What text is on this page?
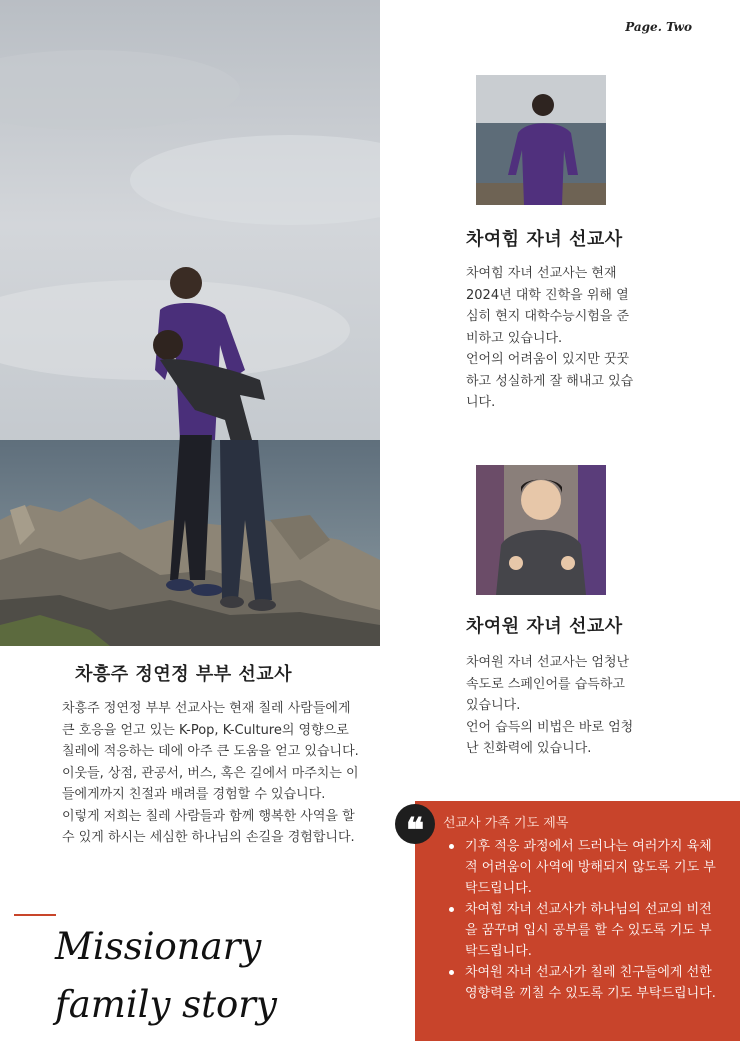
Page. Two
차여힘 자녀 선교사

차여힘 자녀 선교사는 현재 2024년 대학 진학을 위해 열심히 현지 대학수능시험을 준비하고 있습니다.

언어의 어려움이 있지만 꿋꿋하고 성실하게 잘 해내고 있습니다.

차여원 자녀 선교사

차여원 자녀 선교사는 엄청난 속도로 스페인어를 습득하고 있습니다.

언어 습득의 비법은 바로 엄청난 친화력에 있습니다.

차흥주 정연정 부부 선교사

차흥주 정연정 부부 선교사는 현재 칠레 사람들에게 큰 호응을 얻고 있는 K-Pop, K-Culture의 영향으로 칠레에 적응하는 데에 아주 큰 도움을 얻고 있습니다. 이웃들, 상점, 관공서, 버스, 혹은 길에서 마주치는 이들에게까지 친절과 배려를 경험할 수 있습니다.

이렇게 저희는 칠레 사람들과 함께 행복한 사역을 할 수 있게 하시는 세심한 하나님의 손길을 경험합니다.

Missionary family story
❝	선교사 가족 기도 제목
기후 적응 과정에서 드러나는 여러가지 육체적 어려움이 사역에 방해되지 않도록 기도 부탁드립니다.
차여힘 자녀 선교사가 하나님의 선교의 비전을 꿈꾸며 입시 공부를 할 수 있도록 기도 부탁드립니다.
차여원 자녀 선교사가 칠레 친구들에게 선한 영향력을 끼칠 수 있도록 기도 부탁드립니다.
